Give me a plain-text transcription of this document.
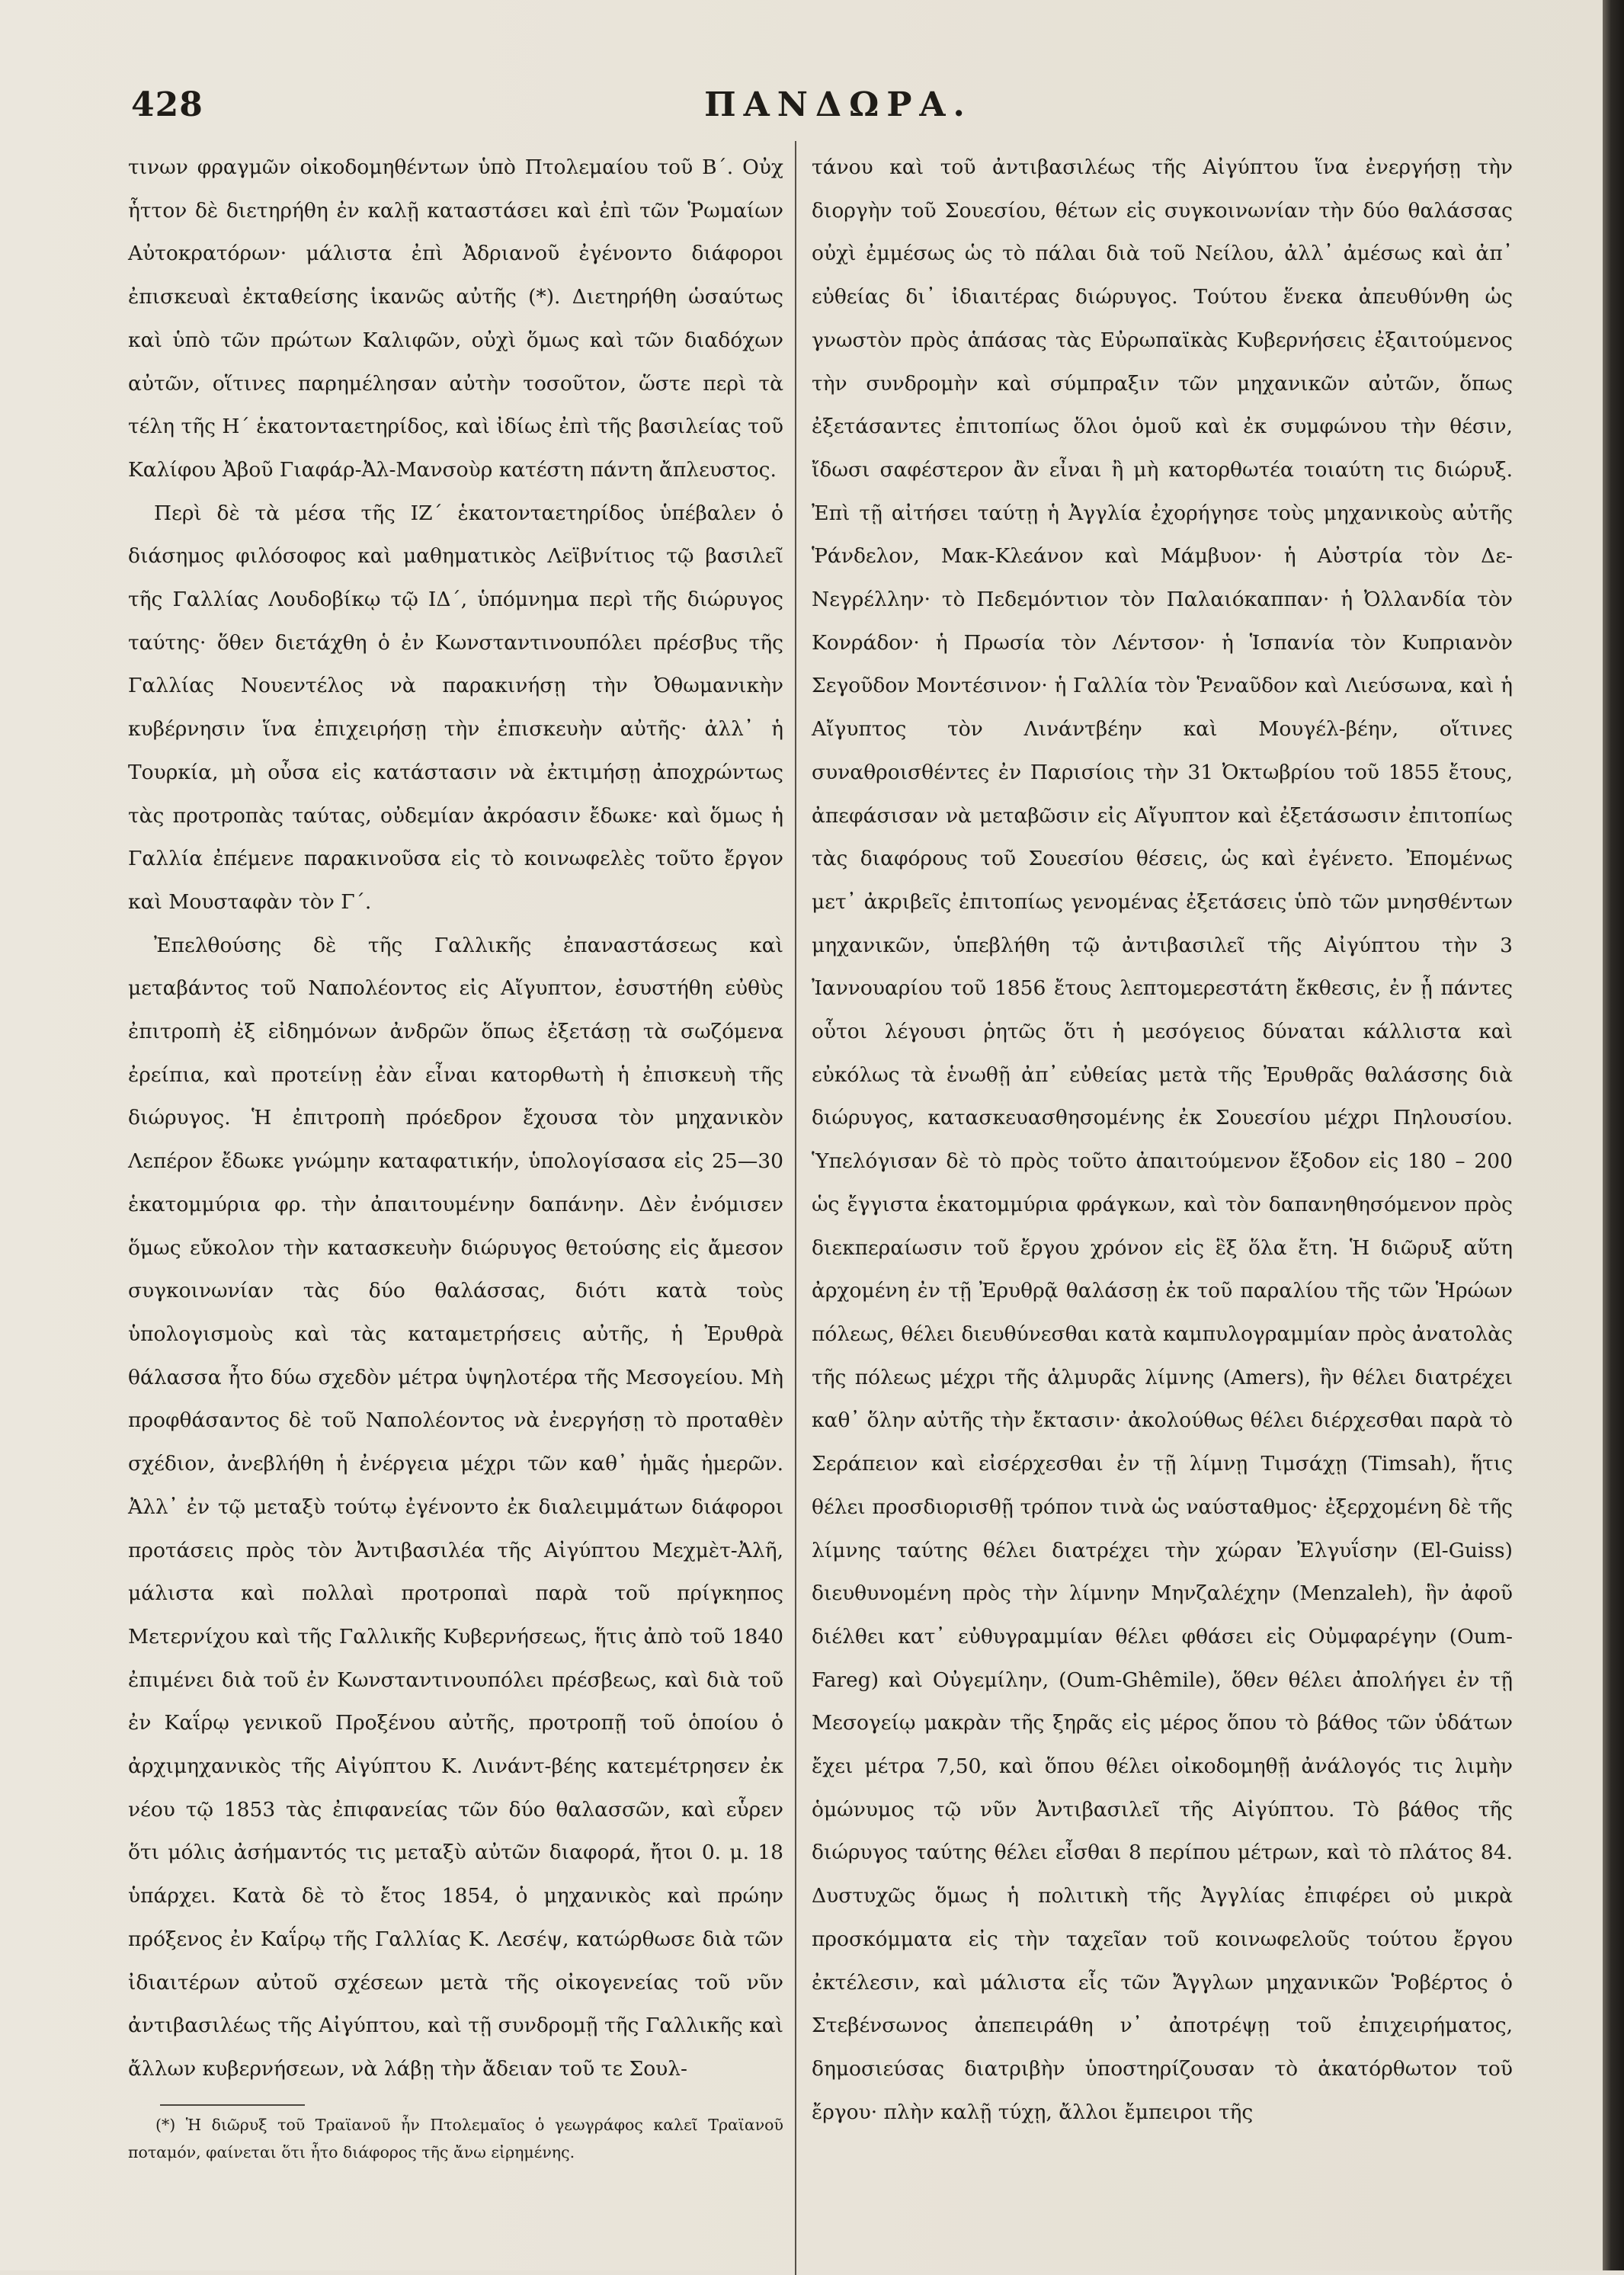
428	ΠΑΝΔΩΡΑ.

τινων φραγμῶν οἰκοδομηθέντων ὑπὸ Πτολεμαίου τοῦ Β΄. Οὐχ ἧττον δὲ διετηρήθη ἐν καλῇ καταστάσει καὶ ἐπὶ τῶν Ῥωμαίων Αὐτοκρατόρων· μάλιστα ἐπὶ Ἀδριανοῦ ἐγένοντο διάφοροι ἐπισκευαὶ ἐκταθείσης ἱκανῶς αὐτῆς (*). Διετηρήθη ὡσαύτως καὶ ὑπὸ τῶν πρώτων Καλιφῶν, οὐχὶ ὅμως καὶ τῶν διαδόχων αὐτῶν, οἵτινες παρημέλησαν αὐτὴν τοσοῦτον, ὥστε περὶ τὰ τέλη τῆς Η΄ ἑκατονταετηρίδος, καὶ ἰδίως ἐπὶ τῆς βασιλείας τοῦ Καλίφου Ἀβοῦ Γιαφάρ-Ἀλ-Μανσοὺρ κατέστη πάντη ἄπλευστος.

Περὶ δὲ τὰ μέσα τῆς ΙΖ΄ ἑκατονταετηρίδος ὑπέβαλεν ὁ διάσημος φιλόσοφος καὶ μαθηματικὸς Λεϊβνίτιος τῷ βασιλεῖ τῆς Γαλλίας Λουδοβίκῳ τῷ ΙΔ΄, ὑπόμνημα περὶ τῆς διώρυγος ταύτης· ὅθεν διετάχθη ὁ ἐν Κωνσταντινουπόλει πρέσβυς τῆς Γαλλίας Νουεντέλος νὰ παρακινήσῃ τὴν Ὀθωμανικὴν κυβέρνησιν ἵνα ἐπιχειρήσῃ τὴν ἐπισκευὴν αὐτῆς· ἀλλ᾽ ἡ Τουρκία, μὴ οὖσα εἰς κατάστασιν νὰ ἐκτιμήσῃ ἀποχρώντως τὰς προτροπὰς ταύτας, οὐδεμίαν ἀκρόασιν ἔδωκε· καὶ ὅμως ἡ Γαλλία ἐπέμενε παρακινοῦσα εἰς τὸ κοινωφελὲς τοῦτο ἔργον καὶ Μουσταφὰν τὸν Γ΄.

Ἐπελθούσης δὲ τῆς Γαλλικῆς ἐπαναστάσεως καὶ μεταβάντος τοῦ Ναπολέοντος εἰς Αἴγυπτον, ἐσυστήθη εὐθὺς ἐπιτροπὴ ἐξ εἰδημόνων ἀνδρῶν ὅπως ἐξετάσῃ τὰ σωζόμενα ἐρείπια, καὶ προτείνῃ ἐὰν εἶναι κατορθωτὴ ἡ ἐπισκευὴ τῆς διώρυγος. Ἡ ἐπιτροπὴ πρόεδρον ἔχουσα τὸν μηχανικὸν Λεπέρον ἔδωκε γνώμην καταφατικήν, ὑπολογίσασα εἰς 25—30 ἑκατομμύρια φρ. τὴν ἀπαιτουμένην δαπάνην. Δὲν ἐνόμισεν ὅμως εὔκολον τὴν κατασκευὴν διώρυγος θετούσης εἰς ἄμεσον συγκοινωνίαν τὰς δύο θαλάσσας, διότι κατὰ τοὺς ὑπολογισμοὺς καὶ τὰς καταμετρήσεις αὐτῆς, ἡ Ἐρυθρὰ θάλασσα ἦτο δύω σχεδὸν μέτρα ὑψηλοτέρα τῆς Μεσογείου. Μὴ προφθάσαντος δὲ τοῦ Ναπολέοντος νὰ ἐνεργήσῃ τὸ προταθὲν σχέδιον, ἀνεβλήθη ἡ ἐνέργεια μέχρι τῶν καθ᾽ ἡμᾶς ἡμερῶν. Ἀλλ᾽ ἐν τῷ μεταξὺ τούτῳ ἐγένοντο ἐκ διαλειμμάτων διάφοροι προτάσεις πρὸς τὸν Ἀντιβασιλέα τῆς Αἰγύπτου Μεχμὲτ-Ἀλῆ, μάλιστα καὶ πολλαὶ προτροπαὶ παρὰ τοῦ πρίγκηπος Μετερνίχου καὶ τῆς Γαλλικῆς Κυβερνήσεως, ἥτις ἀπὸ τοῦ 1840 ἐπιμένει διὰ τοῦ ἐν Κωνσταντινουπόλει πρέσβεως, καὶ διὰ τοῦ ἐν Καΐρῳ γενικοῦ Προξένου αὐτῆς, προτροπῇ τοῦ ὁποίου ὁ ἀρχιμηχανικὸς τῆς Αἰγύπτου Κ. Λινάντ-βέης κατεμέτρησεν ἐκ νέου τῷ 1853 τὰς ἐπιφανείας τῶν δύο θαλασσῶν, καὶ εὗρεν ὅτι μόλις ἀσήμαντός τις μεταξὺ αὐτῶν διαφορά, ἤτοι 0. μ. 18 ὑπάρχει. Κατὰ δὲ τὸ ἔτος 1854, ὁ μηχανικὸς καὶ πρώην πρόξενος ἐν Καΐρῳ τῆς Γαλλίας Κ. Λεσέψ, κατώρθωσε διὰ τῶν ἰδιαιτέρων αὐτοῦ σχέσεων μετὰ τῆς οἰκογενείας τοῦ νῦν ἀντιβασιλέως τῆς Αἰγύπτου, καὶ τῇ συνδρομῇ τῆς Γαλλικῆς καὶ ἄλλων κυβερνήσεων, νὰ λάβῃ τὴν ἄδειαν τοῦ τε Σουλ-

τάνου καὶ τοῦ ἀντιβασιλέως τῆς Αἰγύπτου ἵνα ἐνεργήσῃ τὴν διοργὴν τοῦ Σουεσίου, θέτων εἰς συγκοινωνίαν τὴν δύο θαλάσσας οὐχὶ ἐμμέσως ὡς τὸ πάλαι διὰ τοῦ Νείλου, ἀλλ᾽ ἀμέσως καὶ ἀπ᾽ εὐθείας δι᾽ ἰδιαιτέρας διώρυγος. Τούτου ἕνεκα ἀπευθύνθη ὡς γνωστὸν πρὸς ἁπάσας τὰς Εὐρωπαϊκὰς Κυβερνήσεις ἐξαιτούμενος τὴν συνδρομὴν καὶ σύμπραξιν τῶν μηχανικῶν αὐτῶν, ὅπως ἐξετάσαντες ἐπιτοπίως ὅλοι ὁμοῦ καὶ ἐκ συμφώνου τὴν θέσιν, ἴδωσι σαφέστερον ἂν εἶναι ἢ μὴ κατορθωτέα τοιαύτη τις διώρυξ. Ἐπὶ τῇ αἰτήσει ταύτῃ ἡ Ἀγγλία ἐχορήγησε τοὺς μηχανικοὺς αὐτῆς Ῥάνδελον, Μακ-Κλεάνον καὶ Μάμβυον· ἡ Αὐστρία τὸν Δε-Νεγρέλλην· τὸ Πεδεμόντιον τὸν Παλαιόκαππαν· ἡ Ὀλλανδία τὸν Κονράδον· ἡ Πρωσία τὸν Λέντσον· ἡ Ἱσπανία τὸν Κυπριανὸν Σεγοῦδον Μοντέσινον· ἡ Γαλλία τὸν Ῥεναῦδον καὶ Λιεύσωνα, καὶ ἡ Αἴγυπτος τὸν Λινάντβέην καὶ Μουγέλ-βέην, οἵτινες συναθροισθέντες ἐν Παρισίοις τὴν 31 Ὀκτωβρίου τοῦ 1855 ἔτους, ἀπεφάσισαν νὰ μεταβῶσιν εἰς Αἴγυπτον καὶ ἐξετάσωσιν ἐπιτοπίως τὰς διαφόρους τοῦ Σουεσίου θέσεις, ὡς καὶ ἐγένετο. Ἐπομένως μετ᾽ ἀκριβεῖς ἐπιτοπίως γενομένας ἐξετάσεις ὑπὸ τῶν μνησθέντων μηχανικῶν, ὑπεβλήθη τῷ ἀντιβασιλεῖ τῆς Αἰγύπτου τὴν 3 Ἰαννουαρίου τοῦ 1856 ἔτους λεπτομερεστάτη ἔκθεσις, ἐν ᾗ πάντες οὗτοι λέγουσι ῥητῶς ὅτι ἡ μεσόγειος δύναται κάλλιστα καὶ εὐκόλως τὰ ἑνωθῇ ἀπ᾽ εὐθείας μετὰ τῆς Ἐρυθρᾶς θαλάσσης διὰ διώρυγος, κατασκευασθησομένης ἐκ Σουεσίου μέχρι Πηλουσίου. Ὑπελόγισαν δὲ τὸ πρὸς τοῦτο ἀπαιτούμενον ἔξοδον εἰς 180 – 200 ὡς ἔγγιστα ἑκατομμύρια φράγκων, καὶ τὸν δαπανηθησόμενον πρὸς διεκπεραίωσιν τοῦ ἔργου χρόνον εἰς ἓξ ὅλα ἔτη. Ἡ διῶρυξ αὕτη ἀρχομένη ἐν τῇ Ἐρυθρᾷ θαλάσσῃ ἐκ τοῦ παραλίου τῆς τῶν Ἡρώων πόλεως, θέλει διευθύνεσθαι κατὰ καμπυλογραμμίαν πρὸς ἀνατολὰς τῆς πόλεως μέχρι τῆς ἁλμυρᾶς λίμνης (Amers), ἣν θέλει διατρέχει καθ᾽ ὅλην αὐτῆς τὴν ἔκτασιν· ἀκολούθως θέλει διέρχεσθαι παρὰ τὸ Σεράπειον καὶ εἰσέρχεσθαι ἐν τῇ λίμνῃ Τιμσάχῃ (Timsah), ἥτις θέλει προσδιορισθῇ τρόπον τινὰ ὡς ναύσταθμος· ἐξερχομένη δὲ τῆς λίμνης ταύτης θέλει διατρέχει τὴν χώραν Ἐλγυΐσην (El-Guiss) διευθυνομένη πρὸς τὴν λίμνην Μηνζαλέχην (Menzaleh), ἣν ἀφοῦ διέλθει κατ᾽ εὐθυγραμμίαν θέλει φθάσει εἰς Οὐμφαρέγην (Oum-Fareg) καὶ Οὐγεμίλην, (Oum-Ghêmile), ὅθεν θέλει ἀπολήγει ἐν τῇ Μεσογείῳ μακρὰν τῆς ξηρᾶς εἰς μέρος ὅπου τὸ βάθος τῶν ὑδάτων ἔχει μέτρα 7,50, καὶ ὅπου θέλει οἰκοδομηθῇ ἀνάλογός τις λιμὴν ὁμώνυμος τῷ νῦν Ἀντιβασιλεῖ τῆς Αἰγύπτου. Τὸ βάθος τῆς διώρυγος ταύτης θέλει εἶσθαι 8 περίπου μέτρων, καὶ τὸ πλάτος 84. Δυστυχῶς ὅμως ἡ πολιτικὴ τῆς Ἀγγλίας ἐπιφέρει οὐ μικρὰ προσκόμματα εἰς τὴν ταχεῖαν τοῦ κοινωφελοῦς τούτου ἔργου ἐκτέλεσιν, καὶ μάλιστα εἷς τῶν Ἄγγλων μηχανικῶν Ῥοβέρτος ὁ Στεβένσωνος ἀπεπειράθη ν᾽ ἀποτρέψῃ τοῦ ἐπιχειρήματος, δημοσιεύσας διατριβὴν ὑποστηρίζουσαν τὸ ἀκατόρθωτον τοῦ ἔργου· πλὴν καλῇ τύχῃ, ἄλλοι ἔμπειροι τῆς

(*) Ἡ διῶρυξ τοῦ Τραϊανοῦ ἦν Πτολεμαῖος ὁ γεωγράφος καλεῖ Τραϊανοῦ ποταμόν, φαίνεται ὅτι ἦτο διάφορος τῆς ἄνω εἰρημένης.
